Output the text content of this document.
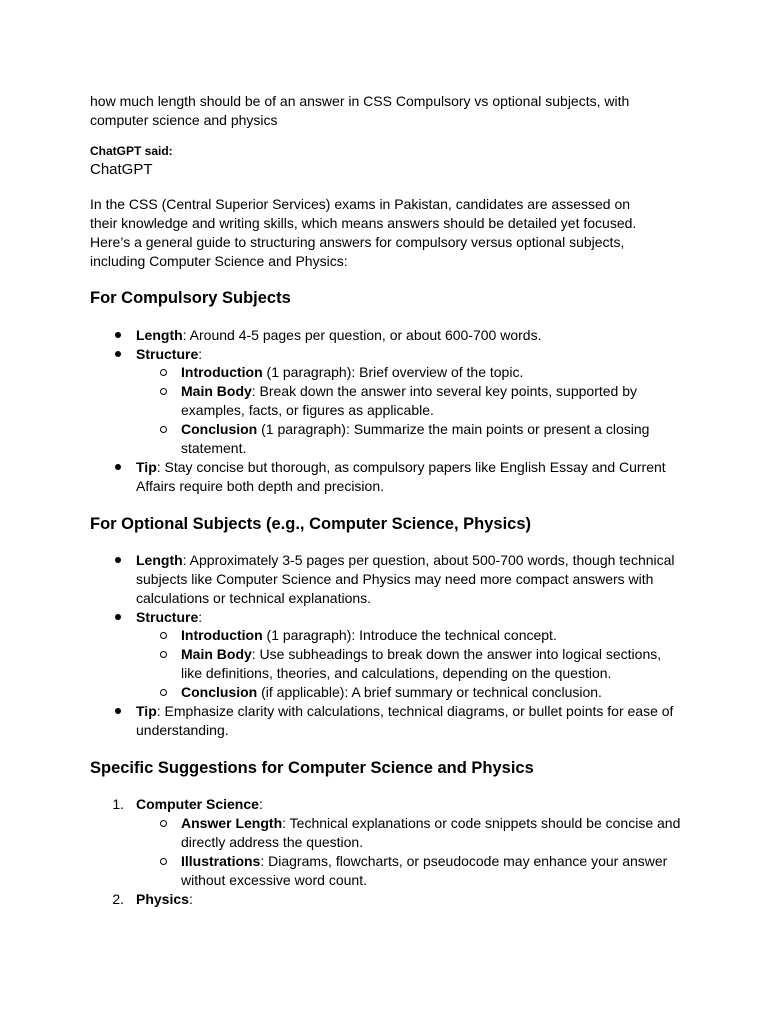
how much length should be of an answer in CSS Compulsory vs optional subjects, with computer science and physics
ChatGPT said:
ChatGPT
In the CSS (Central Superior Services) exams in Pakistan, candidates are assessed on their knowledge and writing skills, which means answers should be detailed yet focused. Here’s a general guide to structuring answers for compulsory versus optional subjects, including Computer Science and Physics:
For Compulsory Subjects
Length: Around 4-5 pages per question, or about 600-700 words.
Structure:
Introduction (1 paragraph): Brief overview of the topic.
Main Body: Break down the answer into several key points, supported by examples, facts, or figures as applicable.
Conclusion (1 paragraph): Summarize the main points or present a closing statement.
Tip: Stay concise but thorough, as compulsory papers like English Essay and Current Affairs require both depth and precision.
For Optional Subjects (e.g., Computer Science, Physics)
Length: Approximately 3-5 pages per question, about 500-700 words, though technical subjects like Computer Science and Physics may need more compact answers with calculations or technical explanations.
Structure:
Introduction (1 paragraph): Introduce the technical concept.
Main Body: Use subheadings to break down the answer into logical sections, like definitions, theories, and calculations, depending on the question.
Conclusion (if applicable): A brief summary or technical conclusion.
Tip: Emphasize clarity with calculations, technical diagrams, or bullet points for ease of understanding.
Specific Suggestions for Computer Science and Physics
1. Computer Science:
Answer Length: Technical explanations or code snippets should be concise and directly address the question.
Illustrations: Diagrams, flowcharts, or pseudocode may enhance your answer without excessive word count.
2. Physics:
